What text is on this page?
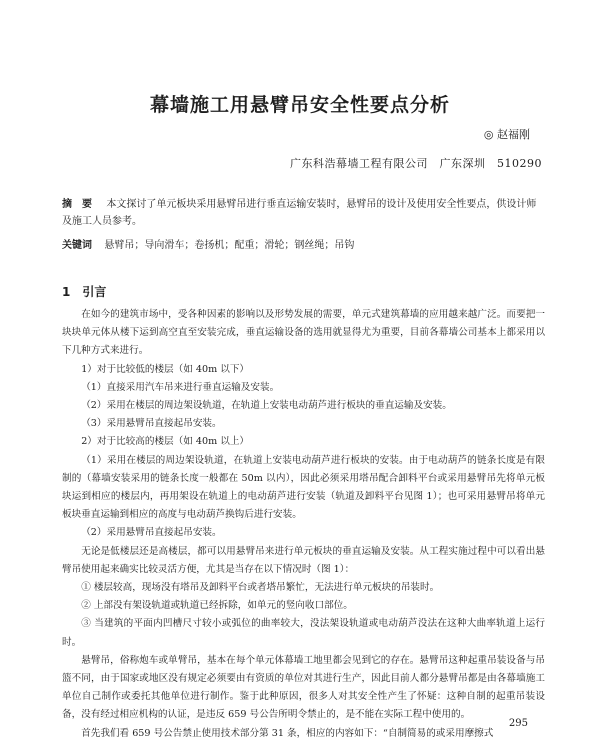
幕墙施工用悬臂吊安全性要点分析
◎ 赵福刚
广东科浩幕墙工程有限公司　广东深圳　510290
摘　要 本文探讨了单元板块采用悬臂吊进行垂直运输安装时，悬臂吊的设计及使用安全性要点，供设计师及施工人员参考。
关键词 悬臂吊；导向滑车；卷扬机；配重；滑轮；钢丝绳；吊钩
1　引言

在如今的建筑市场中，受各种因素的影响以及形势发展的需要，单元式建筑幕墙的应用越来越广泛。而要把一块块单元体从楼下运到高空直至安装完成，垂直运输设备的选用就显得尤为重要，目前各幕墙公司基本上都采用以下几种方式来进行。

1）对于比较低的楼层（如 40m 以下）

（1）直接采用汽车吊来进行垂直运输及安装。

（2）采用在楼层的周边架设轨道，在轨道上安装电动葫芦进行板块的垂直运输及安装。

（3）采用悬臂吊直接起吊安装。

2）对于比较高的楼层（如 40m 以上）

（1）采用在楼层的周边架设轨道，在轨道上安装电动葫芦进行板块的安装。由于电动葫芦的链条长度是有限制的（幕墙安装采用的链条长度一般都在 50m 以内），因此必须采用塔吊配合卸料平台或采用悬臂吊先将单元板块运到相应的楼层内，再用架设在轨道上的电动葫芦进行安装（轨道及卸料平台见图 1）；也可采用悬臂吊将单元板块垂直运输到相应的高度与电动葫芦换钩后进行安装。

（2）采用悬臂吊直接起吊安装。

无论是低楼层还是高楼层，都可以用悬臂吊来进行单元板块的垂直运输及安装。从工程实施过程中可以看出悬臂吊使用起来确实比较灵活方便，尤其是当存在以下情况时（图 1）：

① 楼层较高，现场没有塔吊及卸料平台或者塔吊繁忙，无法进行单元板块的吊装时。

② 上部没有架设轨道或轨道已经拆除，如单元的竖向收口部位。

③ 当建筑的平面内凹槽尺寸较小或弧位的曲率较大，没法架设轨道或电动葫芦没法在这种大曲率轨道上运行时。

悬臂吊，俗称炮车或单臂吊，基本在每个单元体幕墙工地里都会见到它的存在。悬臂吊这种起重吊装设备与吊篮不同，由于国家或地区没有规定必须要由有资质的单位对其进行生产，因此目前人都分悬臂吊都是由各幕墙施工单位自己制作或委托其他单位进行制作。鉴于此种原因，很多人对其安全性产生了怀疑：这种自制的起重吊装设备，没有经过相应机构的认证，是违反 659 号公告所明令禁止的，是不能在实际工程中使用的。

首先我们看 659 号公告禁止使用技术部分第 31 条，相应的内容如下：“自制简易的或采用摩擦式

295
